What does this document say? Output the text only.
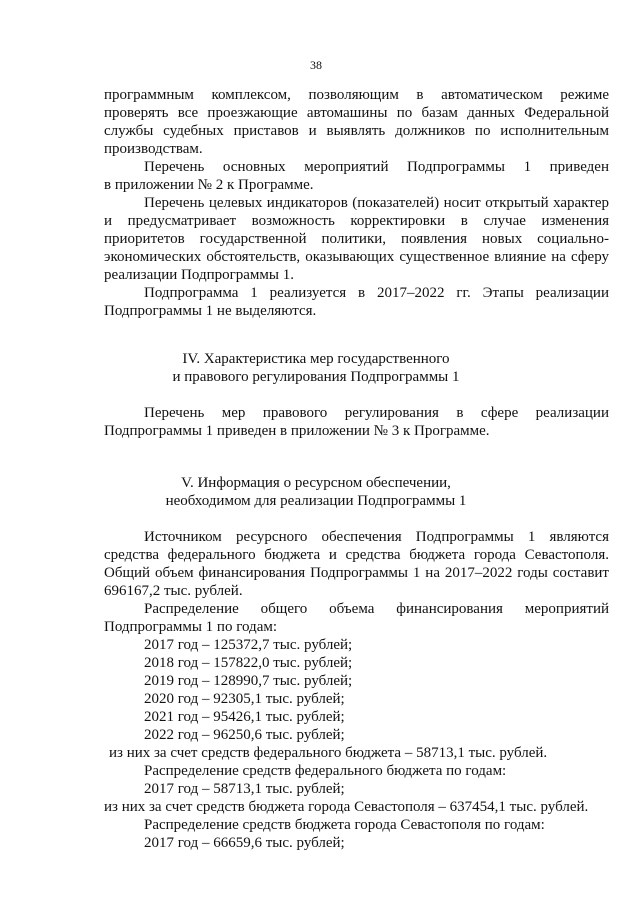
38
программным комплексом, позволяющим в автоматическом режиме
проверять все проезжающие автомашины по базам данных Федеральной
службы судебных приставов и выявлять должников по исполнительным
производствам.
Перечень основных мероприятий Подпрограммы 1 приведен
в приложении № 2 к Программе.
Перечень целевых индикаторов (показателей) носит открытый характер
и предусматривает возможность корректировки в случае изменения
приоритетов государственной политики, появления новых социально-
экономических обстоятельств, оказывающих существенное влияние на сферу
реализации Подпрограммы 1.
Подпрограмма 1 реализуется в 2017–2022 гг. Этапы реализации
Подпрограммы 1 не выделяются.
IV. Характеристика мер государственного
и правового регулирования Подпрограммы 1
Перечень мер правового регулирования в сфере реализации
Подпрограммы 1 приведен в приложении № 3 к Программе.
V. Информация о ресурсном обеспечении,
необходимом для реализации Подпрограммы 1
Источником ресурсного обеспечения Подпрограммы 1 являются
средства федерального бюджета и средства бюджета города Севастополя.
Общий объем финансирования Подпрограммы 1 на 2017–2022 годы составит
696167,2 тыс. рублей.
Распределение общего объема финансирования мероприятий
Подпрограммы 1 по годам:
2017 год – 125372,7 тыс. рублей;
2018 год – 157822,0 тыс. рублей;
2019 год – 128990,7 тыс. рублей;
2020 год – 92305,1 тыс. рублей;
2021 год – 95426,1 тыс. рублей;
2022 год – 96250,6 тыс. рублей;
из них за счет средств федерального бюджета – 58713,1 тыс. рублей.
Распределение средств федерального бюджета по годам:
2017 год – 58713,1 тыс. рублей;
из них за счет средств бюджета города Севастополя – 637454,1 тыс. рублей.
Распределение средств бюджета города Севастополя по годам:
2017 год – 66659,6 тыс. рублей;
